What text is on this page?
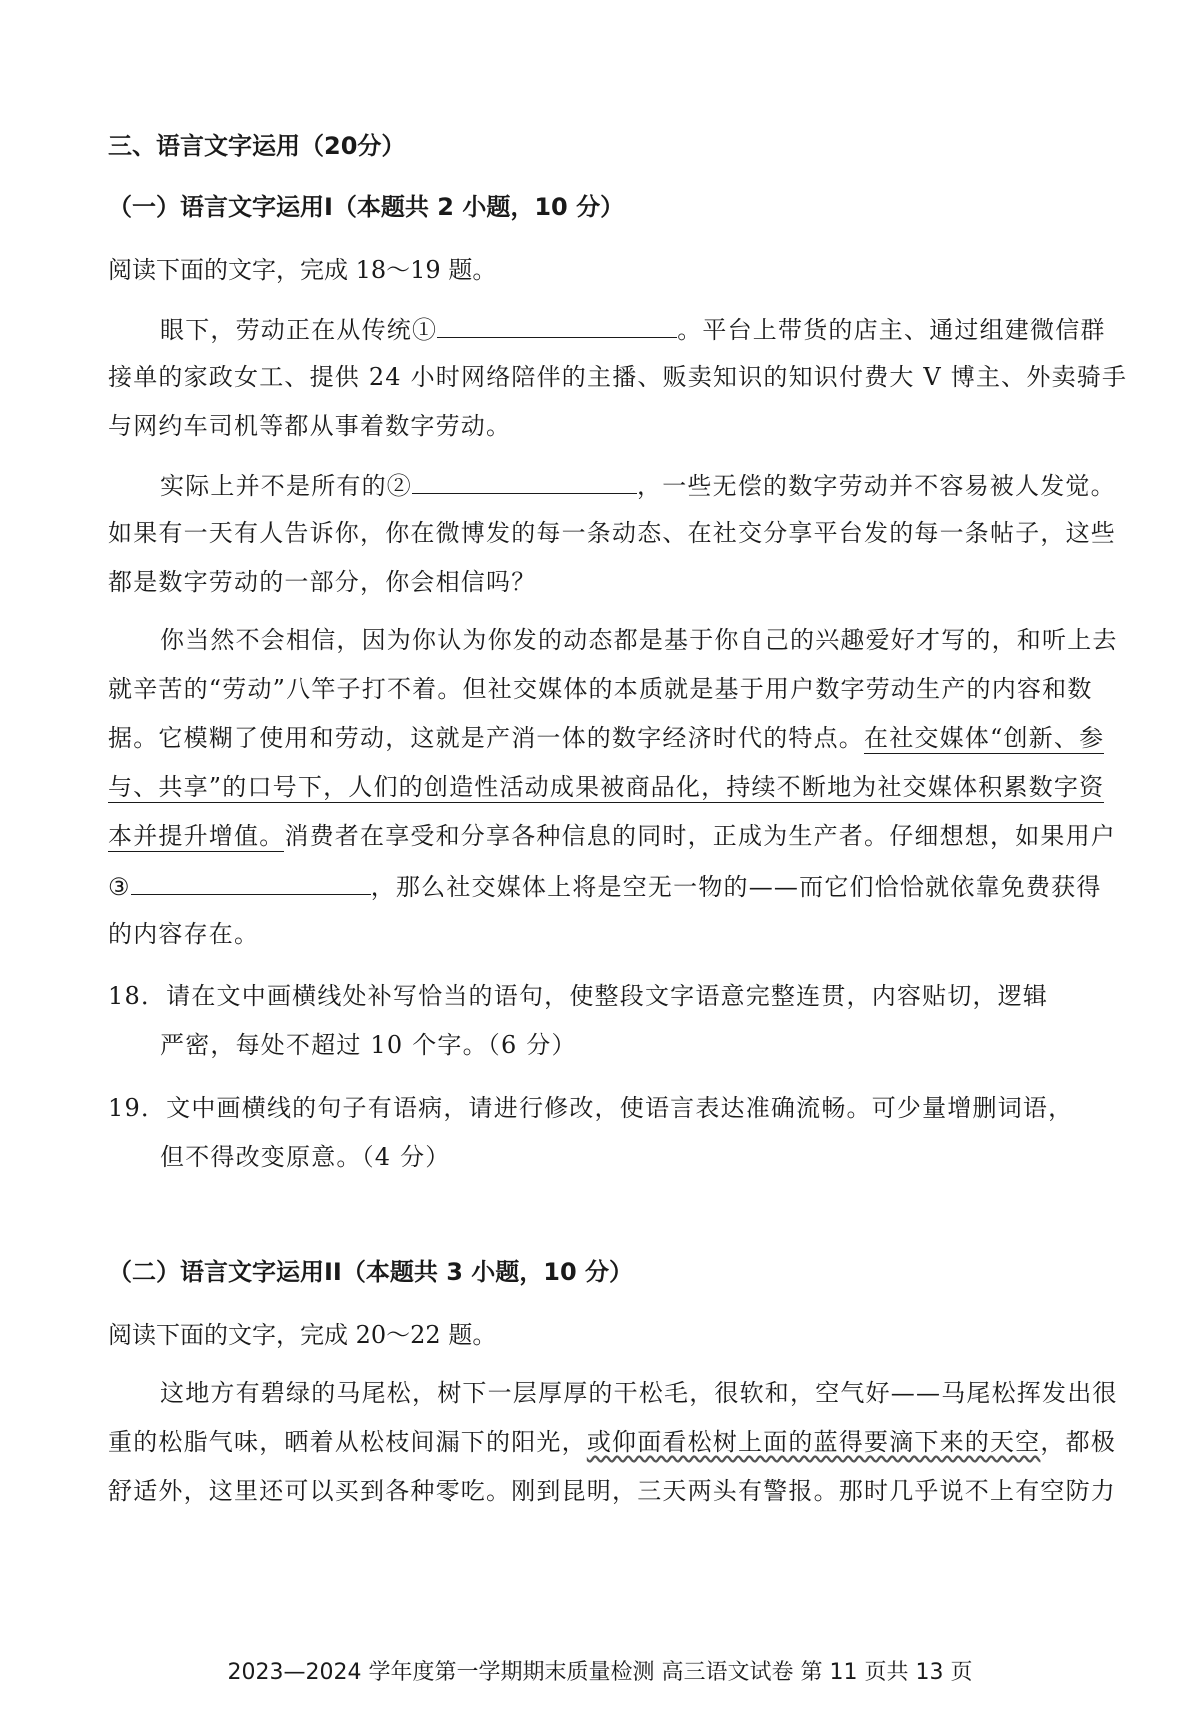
三、语言文字运用（20分）
（一）语言文字运用Ⅰ（本题共 2 小题，10 分）
阅读下面的文字，完成 18～19 题。
眼下，劳动正在从传统①	。平台上带货的店主、通过组建微信群
接单的家政女工、提供 24 小时网络陪伴的主播、贩卖知识的知识付费大 V 博主、外卖骑手
与网约车司机等都从事着数字劳动。
实际上并不是所有的②	，一些无偿的数字劳动并不容易被人发觉。
如果有一天有人告诉你，你在微博发的每一条动态、在社交分享平台发的每一条帖子，这些
都是数字劳动的一部分，你会相信吗？
你当然不会相信，因为你认为你发的动态都是基于你自己的兴趣爱好才写的，和听上去
就辛苦的“劳动”八竿子打不着。但社交媒体的本质就是基于用户数字劳动生产的内容和数
据。它模糊了使用和劳动，这就是产消一体的数字经济时代的特点。在社交媒体“创新、参
与、共享”的口号下，人们的创造性活动成果被商品化，持续不断地为社交媒体积累数字资
本并提升增值。消费者在享受和分享各种信息的同时，正成为生产者。仔细想想，如果用户
③	，那么社交媒体上将是空无一物的——而它们恰恰就依靠免费获得
的内容存在。
18．请在文中画横线处补写恰当的语句，使整段文字语意完整连贯，内容贴切，逻辑
严密，每处不超过 10 个字。（6 分）
19．文中画横线的句子有语病，请进行修改，使语言表达准确流畅。可少量增删词语，
但不得改变原意。（4 分）
（二）语言文字运用ⅠⅠ（本题共 3 小题，10 分）
阅读下面的文字，完成 20～22 题。
这地方有碧绿的马尾松，树下一层厚厚的干松毛，很软和，空气好——马尾松挥发出很
重的松脂气味，晒着从松枝间漏下的阳光，或仰面看松树上面的蓝得要滴下来的天空，都极
舒适外，这里还可以买到各种零吃。刚到昆明，三天两头有警报。那时几乎说不上有空防力
2023—2024 学年度第一学期期末质量检测 高三语文试卷 第 11 页共 13 页
